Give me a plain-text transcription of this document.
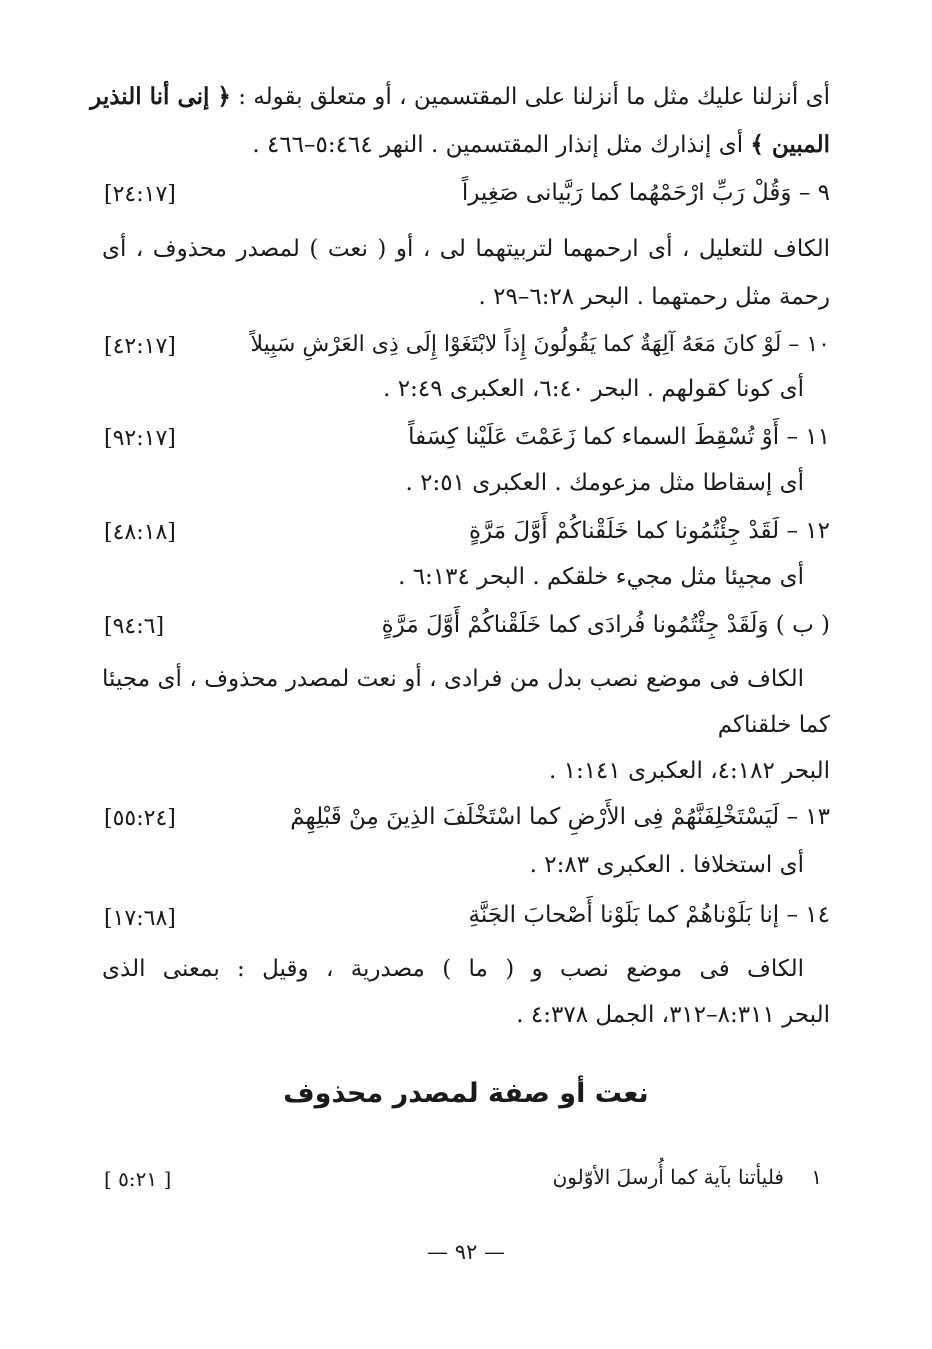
أى أنزلنا عليك مثل ما أنزلنا على المقتسمين ، أو متعلق بقوله : ﴿ إنى أنا النذير
المبين ﴾ أى إنذارك مثل إنذار المقتسمين . النهر ٥:٤٦٤–٤٦٦ .
٩ – وَقُلْ رَبِّ ارْحَمْهُما كما رَبَّيانى صَغِيراً
[٢٤:١٧]
الكاف للتعليل ، أى ارحمهما لتربيتهما لى ، أو ( نعت ) لمصدر محذوف ، أى
رحمة مثل رحمتهما . البحر ٦:٢٨–٢٩ .
١٠ – لَوْ كانَ مَعَهُ آلِهَةٌ كما يَقُولُونَ إِذاً لابْتَغَوْا إِلَى ذِى العَرْشِ سَبِيلاً
[٤٢:١٧]
أى كونا كقولهم . البحر ٦:٤٠، العكبرى ٢:٤٩ .
١١ – أَوْ تُسْقِطَ السماء كما زَعَمْتَ عَلَيْنا كِسَفاً
[٩٢:١٧]
أى إسقاطا مثل مزعومك . العكبرى ٢:٥١ .
١٢ – لَقَدْ جِئْتُمُونا كما خَلَقْناكُمْ أَوَّلَ مَرَّةٍ
[٤٨:١٨]
أى مجيئا مثل مجيء خلقكم . البحر ٦:١٣٤ .
( ب ) وَلَقَدْ جِئْتُمُونا فُرادَى كما خَلَقْناكُمْ أَوَّلَ مَرَّةٍ
[٩٤:٦]
الكاف فى موضع نصب بدل من فرادى ، أو نعت لمصدر محذوف ، أى مجيئا
كما خلقناكم
البحر ٤:١٨٢، العكبرى ١:١٤١ .
١٣ – لَيَسْتَخْلِفَنَّهُمْ فِى الأَرْضِ كما اسْتَخْلَفَ الذِينَ مِنْ قَبْلِهِمْ
[٥٥:٢٤]
أى استخلافا . العكبرى ٢:٨٣ .
١٤ – إنا بَلَوْناهُمْ كما بَلَوْنا أَصْحابَ الجَنَّةِ
[١٧:٦٨]
الكاف فى موضع نصب و ( ما ) مصدرية ، وقيل : بمعنى الذى
البحر ٨:٣١١–٣١٢، الجمل ٤:٣٧٨ .
نعت أو صفة لمصدر محذوف
١
فليأتنا بآية كما أُرسلَ الأوّلون
[ ٥:٢١ ]
— ٩٢ —
